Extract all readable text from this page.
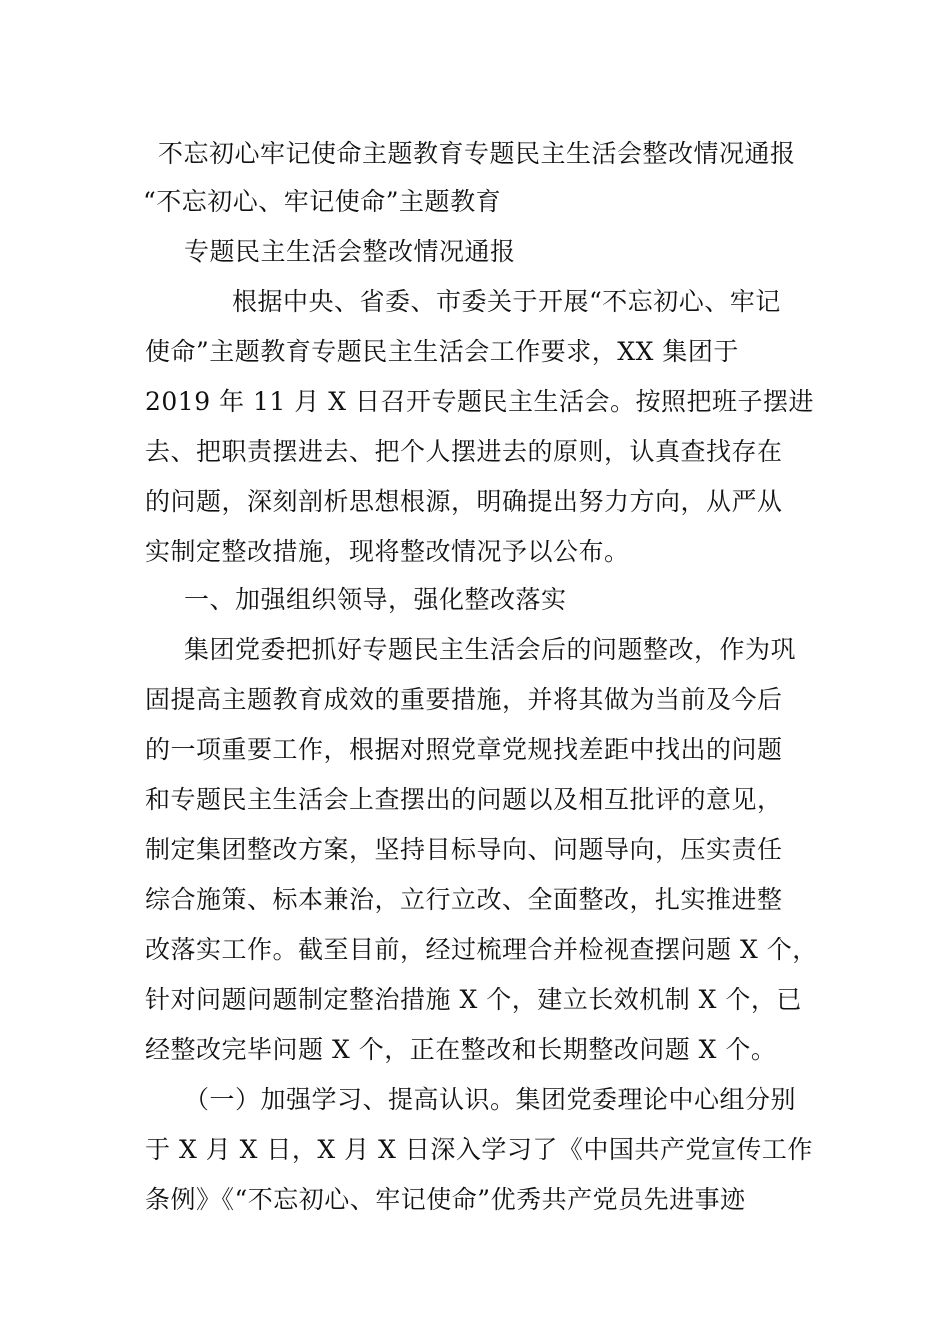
不忘初心牢记使命主题教育专题民主生活会整改情况通报
“不忘初心、牢记使命”主题教育
专题民主生活会整改情况通报
根据中央、省委、市委关于开展“不忘初心、牢记
使命”主题教育专题民主生活会工作要求，XX 集团于
2019 年 11 月 X 日召开专题民主生活会。按照把班子摆进
去、把职责摆进去、把个人摆进去的原则，认真查找存在
的问题，深刻剖析思想根源，明确提出努力方向，从严从
实制定整改措施，现将整改情况予以公布。
一、加强组织领导，强化整改落实
集团党委把抓好专题民主生活会后的问题整改，作为巩
固提高主题教育成效的重要措施，并将其做为当前及今后
的一项重要工作，根据对照党章党规找差距中找出的问题
和专题民主生活会上查摆出的问题以及相互批评的意见，
制定集团整改方案，坚持目标导向、问题导向，压实责任
综合施策、标本兼治，立行立改、全面整改，扎实推进整
改落实工作。截至目前，经过梳理合并检视查摆问题 X 个，
针对问题问题制定整治措施 X 个，建立长效机制 X 个，已
经整改完毕问题 X 个，正在整改和长期整改问题 X 个。
（一）加强学习、提高认识。集团党委理论中心组分别
于 X 月 X 日，X 月 X 日深入学习了《中国共产党宣传工作
条例》《“不忘初心、牢记使命”优秀共产党员先进事迹
